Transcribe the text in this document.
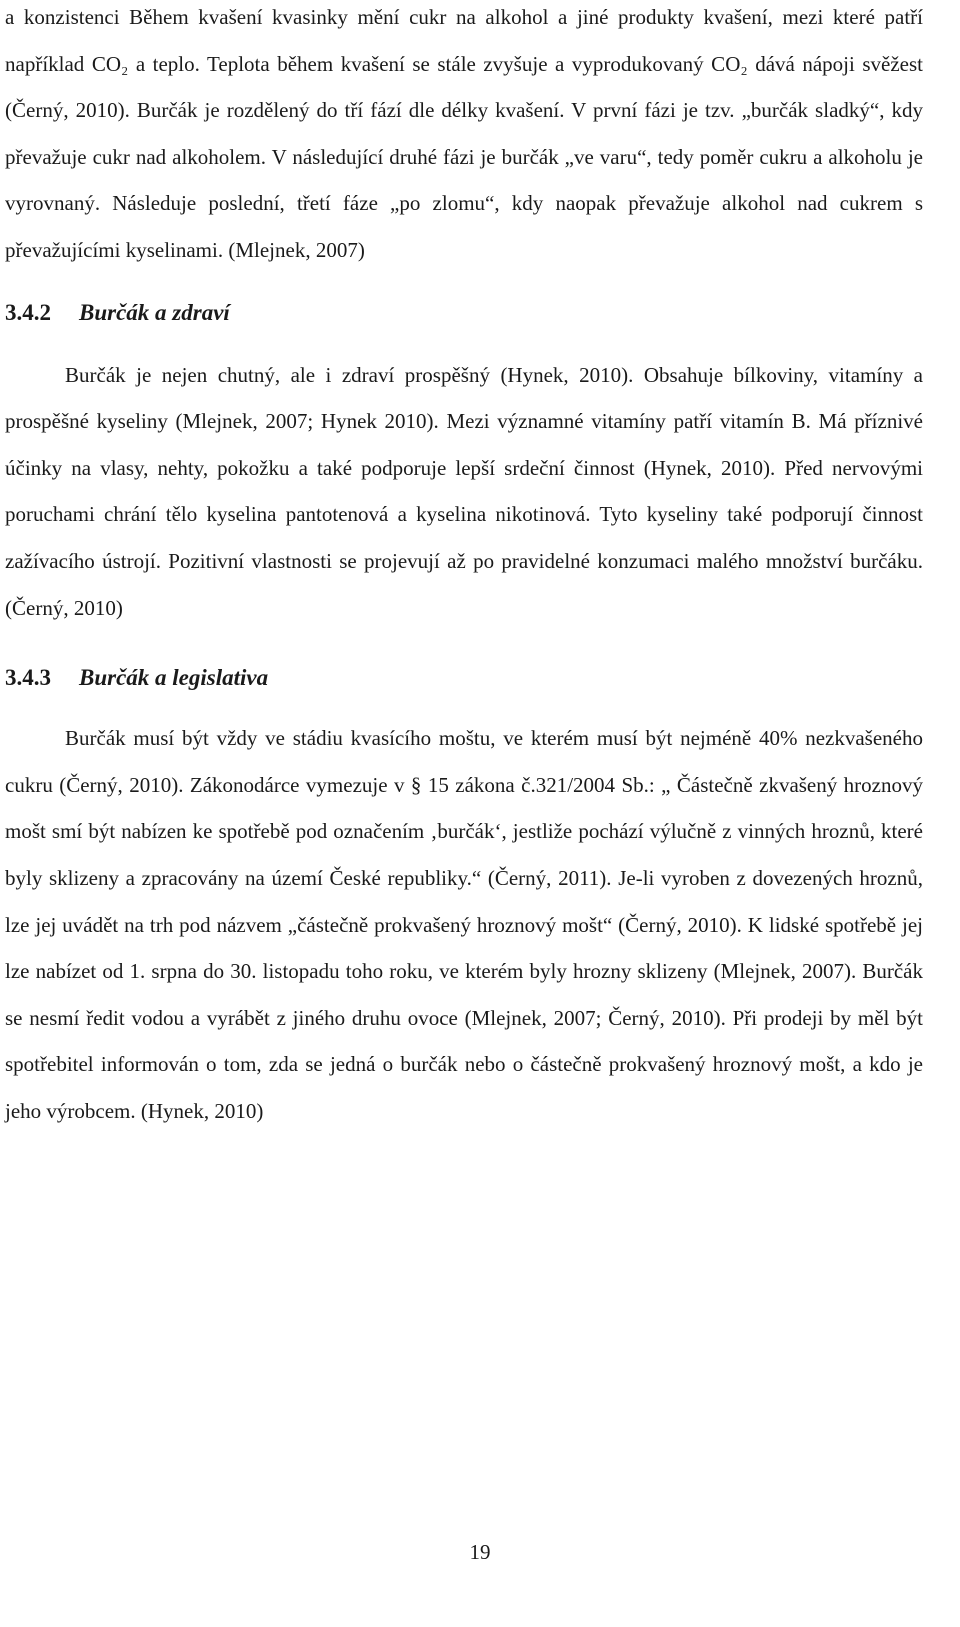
a konzistenci Během kvašení kvasinky mění cukr na alkohol a jiné produkty kvašení, mezi které patří například CO₂ a teplo. Teplota během kvašení se stále zvyšuje a vyprodukovaný CO₂ dává nápoji svěžest (Černý, 2010). Burčák je rozdělený do tří fází dle délky kvašení. V první fázi je tzv. „burčák sladký“, kdy převažuje cukr nad alkoholem. V následující druhé fázi je burčák „ve varu“, tedy poměr cukru a alkoholu je vyrovnaný. Následuje poslední, třetí fáze „po zlomu“, kdy naopak převažuje alkohol nad cukrem s převažujícími kyselinami. (Mlejnek, 2007)

3.4.2 Burčák a zdraví

Burčák je nejen chutný, ale i zdraví prospěšný (Hynek, 2010). Obsahuje bílkoviny, vitamíny a prospěšné kyseliny (Mlejnek, 2007; Hynek 2010). Mezi významné vitamíny patří vitamín B. Má příznivé účinky na vlasy, nehty, pokožku a také podporuje lepší srdeční činnost (Hynek, 2010). Před nervovými poruchami chrání tělo kyselina pantotenová a kyselina nikotinová. Tyto kyseliny také podporují činnost zažívacího ústrojí. Pozitivní vlastnosti se projevují až po pravidelné konzumaci malého množství burčáku. (Černý, 2010)

3.4.3 Burčák a legislativa

Burčák musí být vždy ve stádiu kvasícího moštu, ve kterém musí být nejméně 40% nezkvašeného cukru (Černý, 2010). Zákonodárce vymezuje v § 15 zákona č.321/2004 Sb.: „ Částečně zkvašený hroznový mošt smí být nabízen ke spotřebě pod označením ‚burčák‘, jestliže pochází výlučně z vinných hroznů, které byly sklizeny a zpracovány na území České republiky.“ (Černý, 2011). Je-li vyroben z dovezených hroznů, lze jej uvádět na trh pod názvem „částečně prokvašený hroznový mošt“ (Černý, 2010). K lidské spotřebě jej lze nabízet od 1. srpna do 30. listopadu toho roku, ve kterém byly hrozny sklizeny (Mlejnek, 2007). Burčák se nesmí ředit vodou a vyrábět z jiného druhu ovoce (Mlejnek, 2007; Černý, 2010). Při prodeji by měl být spotřebitel informován o tom, zda se jedná o burčák nebo o částečně prokvašený hroznový mošt, a kdo je jeho výrobcem. (Hynek, 2010)

19
